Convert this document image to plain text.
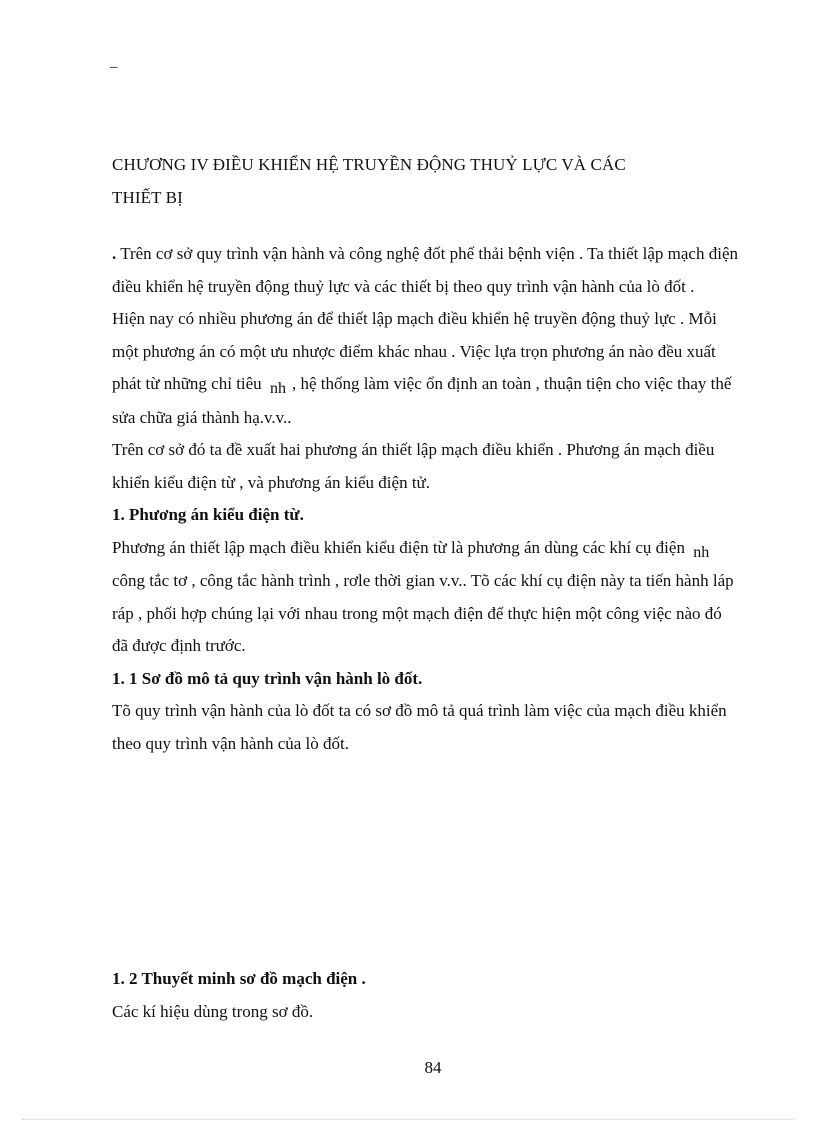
_
CHƯƠNG IV ĐIỀU KHIỂN HỆ TRUYỀN ĐỘNG THUỶ LỰC VÀ CÁC
THIẾT BỊ

. Trên cơ sở quy trình vận hành và công nghệ đốt phế thải bệnh viện . Ta thiết lập mạch điện điều khiển hệ truyền động thuỷ lực và các thiết bị theo quy trình vận hành của lò đốt .

Hiện nay có nhiều phương án để thiết lập mạch điều khiển hệ truyền động thuỷ lực . Mỗi một phương án có một ưu nhược điểm khác nhau . Việc lựa trọn phương án nào đều xuất phát từ những chỉ tiêu nh , hệ thống làm việc ổn định an toàn , thuận tiện cho việc thay thế sửa chữa giá thành hạ.v.v..

Trên cơ sở đó ta đề xuất hai phương án thiết lập mạch điều khiển . Phương án mạch điều khiển kiểu điện từ , và phương án kiểu điện tử.

1. Phương án kiểu điện từ.

Phương án thiết lập mạch điều khiển kiểu điện từ là phương án dùng các khí cụ điện nh công tắc tơ , công tắc hành trình , rơle thời gian v.v.. Tõ các khí cụ điện này ta tiến hành láp ráp , phối hợp chúng lại với nhau trong một mạch điện để thực hiện một công việc nào đó đã được định trước.

1. 1 Sơ đồ mô tả quy trình vận hành lò đốt.

Tõ quy trình vận hành của lò đốt ta có sơ đồ mô tả quá trình làm việc của mạch điều khiển theo quy trình vận hành của lò đốt.

1. 2 Thuyết minh sơ đồ mạch điện .

Các kí hiệu dùng trong sơ đồ.

84
